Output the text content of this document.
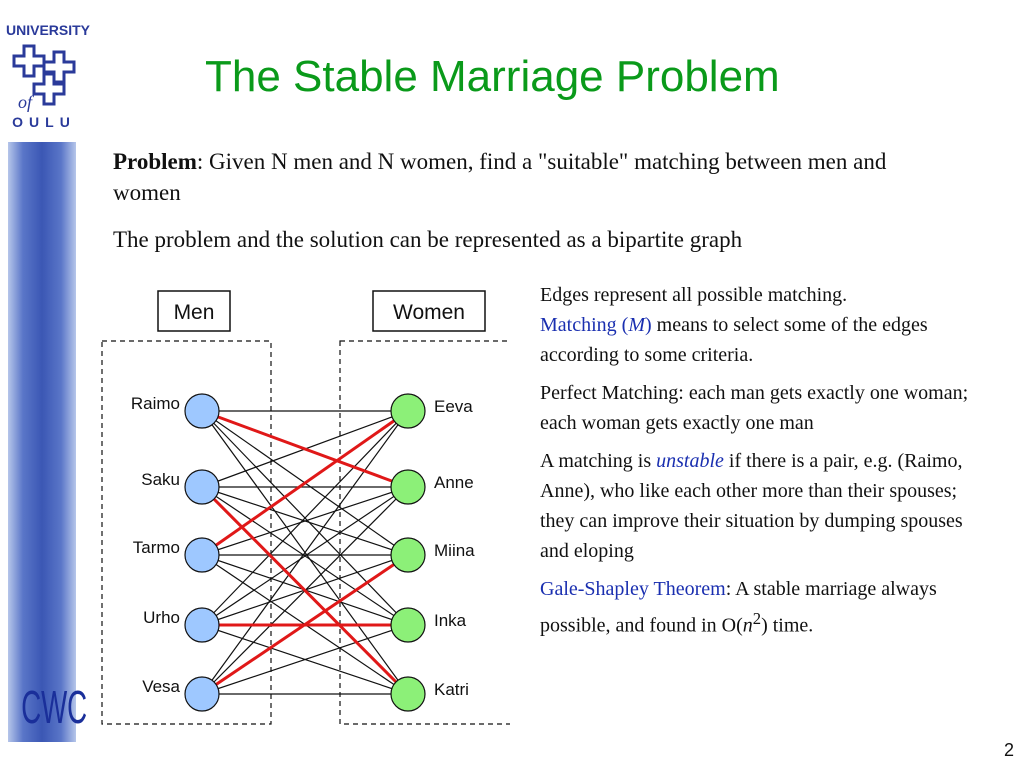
UNIVERSITY
of
OULU
CWC
The Stable Marriage Problem
Problem: Given N men and N women, find a "suitable" matching between men and women
The problem and the solution can be represented as a bipartite graph
Men	Women
Raimo
Saku
Tarmo
Urho
Vesa
Eeva
Anne
Miina
Inka
Katri

Edges represent all possible matching.
Matching (M) means to select some of the edges according to some criteria.

Perfect Matching: each man gets exactly one woman; each woman gets exactly one man

A matching is unstable if there is a pair, e.g. (Raimo, Anne), who like each other more than their spouses; they can improve their situation by dumping spouses and eloping

Gale-Shapley Theorem: A stable marriage always possible, and found in $O(n^2)$ time.

2
